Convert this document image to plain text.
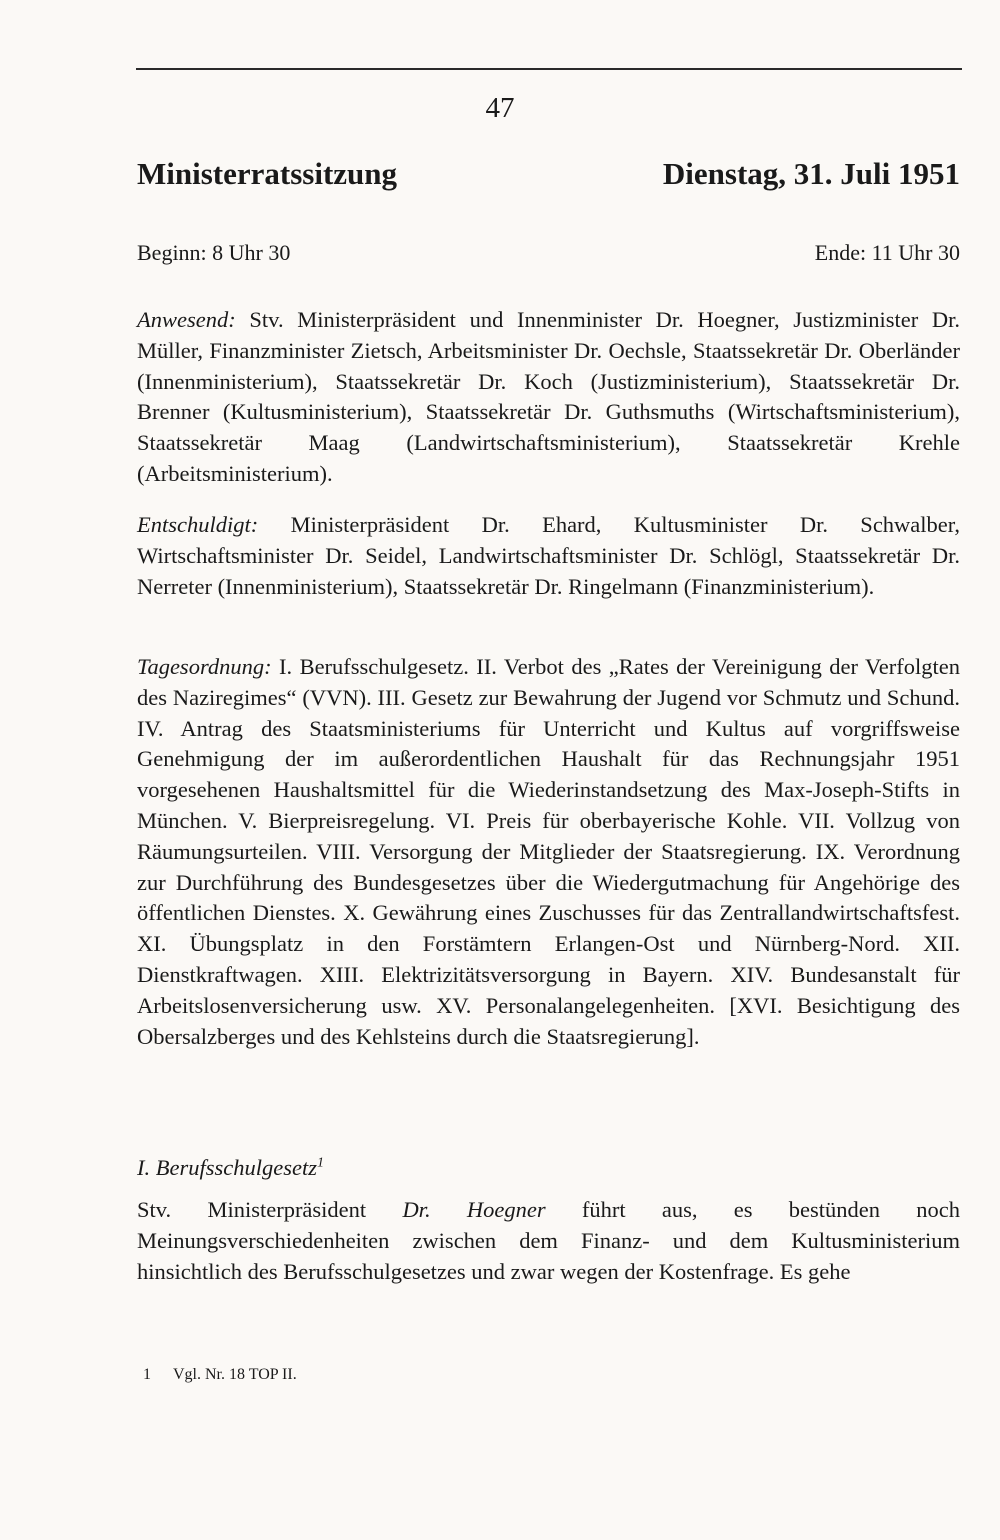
47
Ministerratssitzung	Dienstag, 31. Juli 1951
Beginn: 8 Uhr 30	Ende: 11 Uhr 30

Anwesend: Stv. Ministerpräsident und Innenminister Dr. Hoegner, Justizminister Dr. Müller, Finanzminister Zietsch, Arbeitsminister Dr. Oechsle, Staatssekretär Dr. Oberländer (Innenministerium), Staatssekretär Dr. Koch (Justizministerium), Staatssekretär Dr. Brenner (Kultusministerium), Staatssekretär Dr. Guthsmuths (Wirtschaftsministerium), Staatssekretär Maag (Landwirtschaftsministerium), Staatssekretär Krehle (Arbeitsministerium).

Entschuldigt: Ministerpräsident Dr. Ehard, Kultusminister Dr. Schwalber, Wirtschaftsminister Dr. Seidel, Landwirtschaftsminister Dr. Schlögl, Staatssekretär Dr. Nerreter (Innenministerium), Staatssekretär Dr. Ringelmann (Finanzministerium).

Tagesordnung: I. Berufsschulgesetz. II. Verbot des „Rates der Vereinigung der Verfolgten des Naziregimes“ (VVN). III. Gesetz zur Bewahrung der Jugend vor Schmutz und Schund. IV. Antrag des Staatsministeriums für Unterricht und Kultus auf vorgriffsweise Genehmigung der im außerordentlichen Haushalt für das Rechnungsjahr 1951 vorgesehenen Haushaltsmittel für die Wiederinstandsetzung des Max-Joseph-Stifts in München. V. Bierpreisregelung. VI. Preis für oberbayerische Kohle. VII. Vollzug von Räumungsurteilen. VIII. Versorgung der Mitglieder der Staatsregierung. IX. Verordnung zur Durchführung des Bundesgesetzes über die Wiedergutmachung für Angehörige des öffentlichen Dienstes. X. Gewährung eines Zuschusses für das Zentrallandwirtschaftsfest. XI. Übungsplatz in den Forstämtern Erlangen-Ost und Nürnberg-Nord. XII. Dienstkraftwagen. XIII. Elektrizitätsversorgung in Bayern. XIV. Bundesanstalt für Arbeitslosenversicherung usw. XV. Personalangelegenheiten. [XVI. Besichtigung des Obersalzberges und des Kehlsteins durch die Staatsregierung].

I. Berufsschulgesetz$^1$

Stv. Ministerpräsident Dr. Hoegner führt aus, es bestünden noch Meinungsverschiedenheiten zwischen dem Finanz- und dem Kultusministerium hinsichtlich des Berufsschulgesetzes und zwar wegen der Kostenfrage. Es gehe

1 Vgl. Nr. 18 TOP II.
